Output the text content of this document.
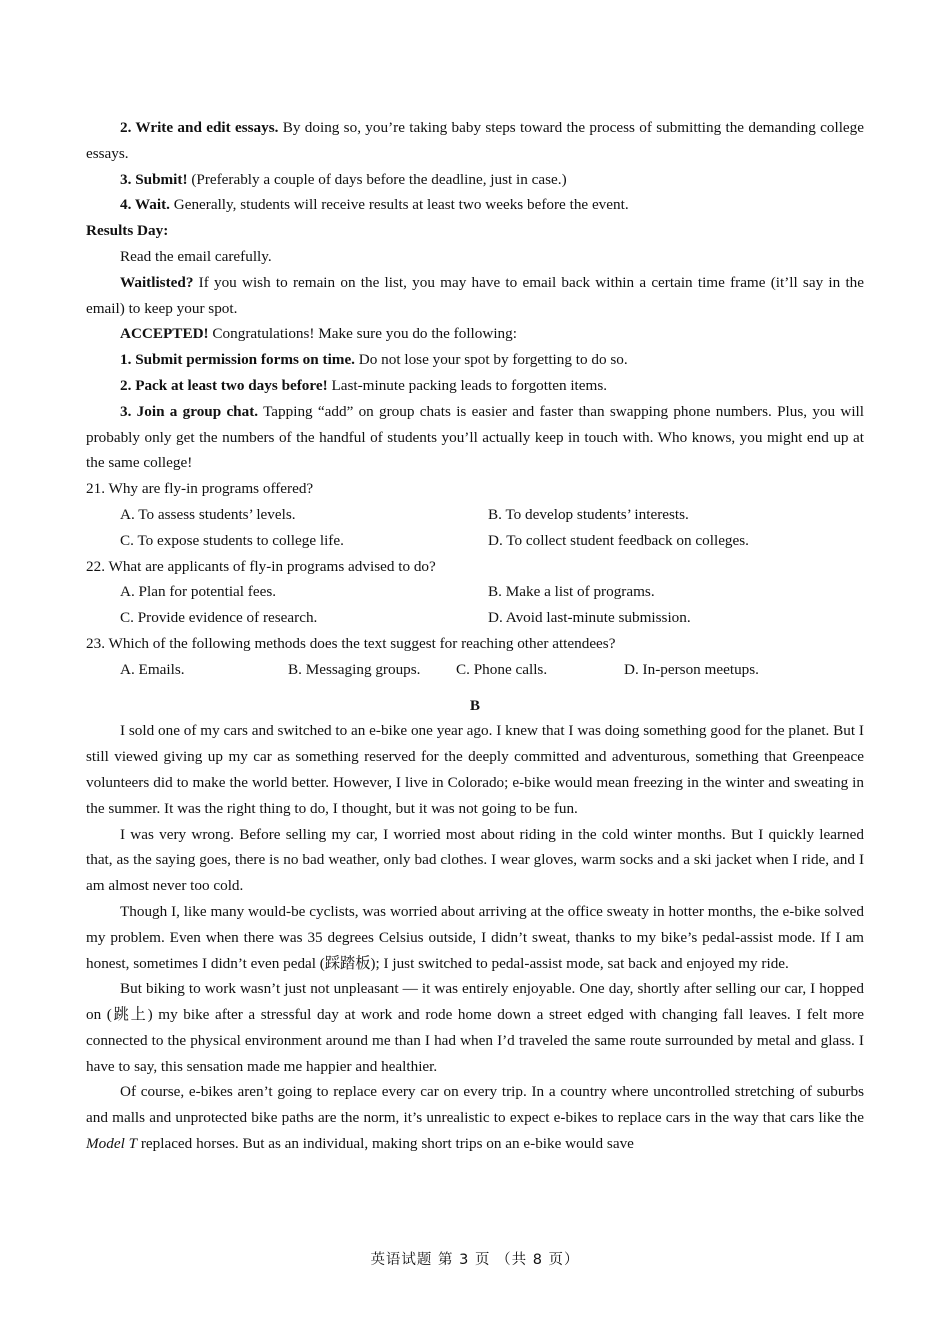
2. Write and edit essays. By doing so, you’re taking baby steps toward the process of submitting the demanding college essays.

3. Submit! (Preferably a couple of days before the deadline, just in case.)

4. Wait. Generally, students will receive results at least two weeks before the event.

Results Day:

Read the email carefully.

Waitlisted? If you wish to remain on the list, you may have to email back within a certain time frame (it’ll say in the email) to keep your spot.

ACCEPTED! Congratulations! Make sure you do the following:

1. Submit permission forms on time. Do not lose your spot by forgetting to do so.

2. Pack at least two days before! Last-minute packing leads to forgotten items.

3. Join a group chat. Tapping “add” on group chats is easier and faster than swapping phone numbers. Plus, you will probably only get the numbers of the handful of students you’ll actually keep in touch with. Who knows, you might end up at the same college!

21. Why are fly-in programs offered?

A. To assess students’ levels.	B. To develop students’ interests.
C. To expose students to college life.	D. To collect student feedback on colleges.

22. What are applicants of fly-in programs advised to do?

A. Plan for potential fees.	B. Make a list of programs.
C. Provide evidence of research.	D. Avoid last-minute submission.

23. Which of the following methods does the text suggest for reaching other attendees?

A. Emails.	B. Messaging groups.	C. Phone calls.	D. In-person meetups.

B

I sold one of my cars and switched to an e-bike one year ago. I knew that I was doing something good for the planet. But I still viewed giving up my car as something reserved for the deeply committed and adventurous, something that Greenpeace volunteers did to make the world better. However, I live in Colorado; e-bike would mean freezing in the winter and sweating in the summer. It was the right thing to do, I thought, but it was not going to be fun.

I was very wrong. Before selling my car, I worried most about riding in the cold winter months. But I quickly learned that, as the saying goes, there is no bad weather, only bad clothes. I wear gloves, warm socks and a ski jacket when I ride, and I am almost never too cold.

Though I, like many would-be cyclists, was worried about arriving at the office sweaty in hotter months, the e-bike solved my problem. Even when there was 35 degrees Celsius outside, I didn’t sweat, thanks to my bike’s pedal-assist mode. If I am honest, sometimes I didn’t even pedal (踩踏板); I just switched to pedal-assist mode, sat back and enjoyed my ride.

But biking to work wasn’t just not unpleasant — it was entirely enjoyable. One day, shortly after selling our car, I hopped on (跳上) my bike after a stressful day at work and rode home down a street edged with changing fall leaves. I felt more connected to the physical environment around me than I had when I’d traveled the same route surrounded by metal and glass. I have to say, this sensation made me happier and healthier.

Of course, e-bikes aren’t going to replace every car on every trip. In a country where uncontrolled stretching of suburbs and malls and unprotected bike paths are the norm, it’s unrealistic to expect e-bikes to replace cars in the way that cars like the Model T replaced horses. But as an individual, making short trips on an e-bike would save

英语试题 第 3 页 （共 8 页）
